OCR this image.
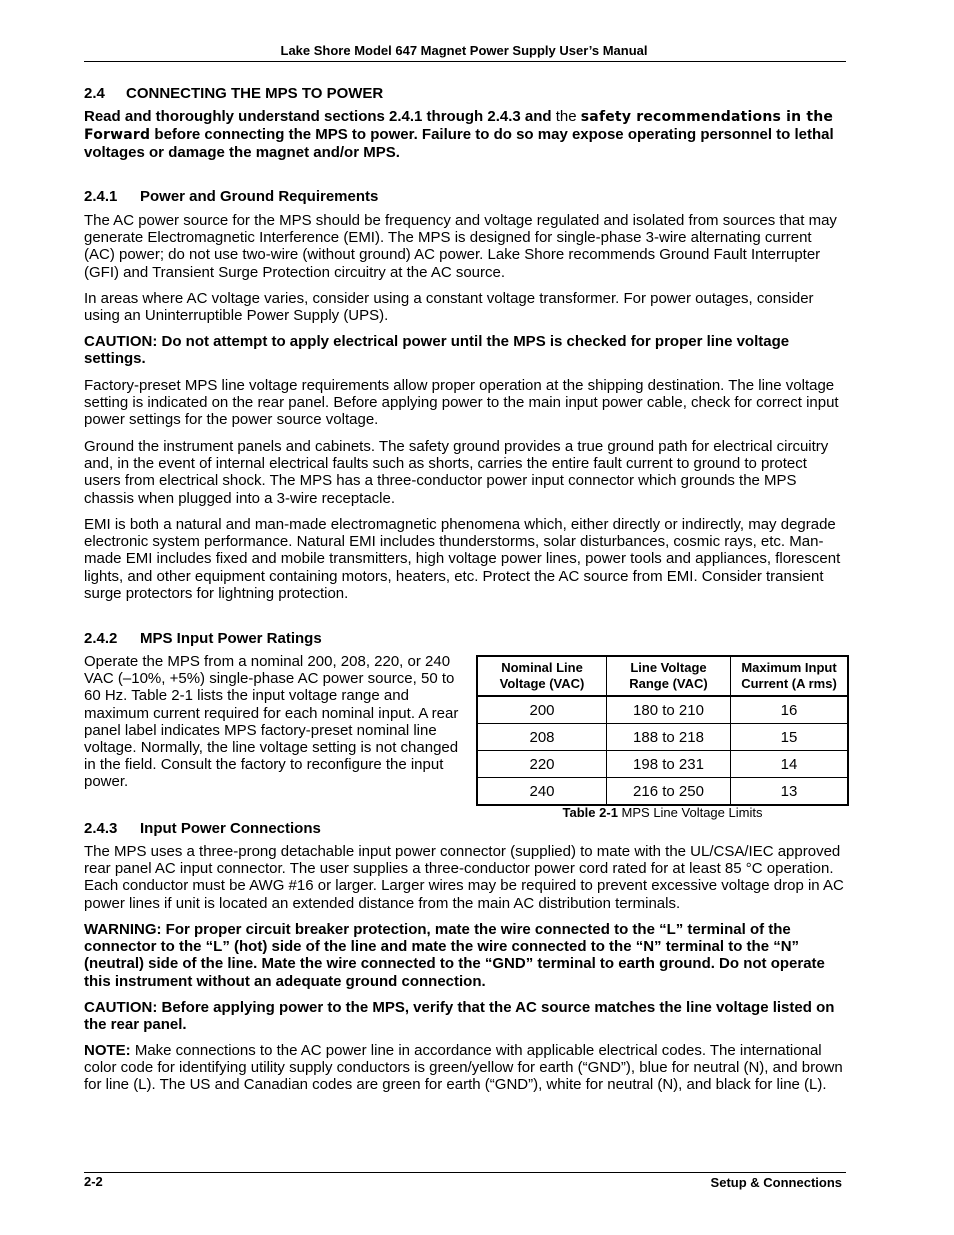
Lake Shore Model 647 Magnet Power Supply User’s Manual
2.4 CONNECTING THE MPS TO POWER

Read and thoroughly understand sections 2.4.1 through 2.4.3 and the safety recommendations in the Forward before connecting the MPS to power. Failure to do so may expose operating personnel to lethal voltages or damage the magnet and/or MPS.

2.4.1 Power and Ground Requirements

The AC power source for the MPS should be frequency and voltage regulated and isolated from sources that may generate Electromagnetic Interference (EMI). The MPS is designed for single-phase 3-wire alternating current (AC) power; do not use two-wire (without ground) AC power. Lake Shore recommends Ground Fault Interrupter (GFI) and Transient Surge Protection circuitry at the AC source.

In areas where AC voltage varies, consider using a constant voltage transformer. For power outages, consider using an Uninterruptible Power Supply (UPS).

CAUTION: Do not attempt to apply electrical power until the MPS is checked for proper line voltage settings.

Factory-preset MPS line voltage requirements allow proper operation at the shipping destination. The line voltage setting is indicated on the rear panel. Before applying power to the main input power cable, check for correct input power settings for the power source voltage.

Ground the instrument panels and cabinets. The safety ground provides a true ground path for electrical circuitry and, in the event of internal electrical faults such as shorts, carries the entire fault current to ground to protect users from electrical shock. The MPS has a three-conductor power input connector which grounds the MPS chassis when plugged into a 3-wire receptacle.

EMI is both a natural and man-made electromagnetic phenomena which, either directly or indirectly, may degrade electronic system performance. Natural EMI includes thunderstorms, solar disturbances, cosmic rays, etc. Man-made EMI includes fixed and mobile transmitters, high voltage power lines, power tools and appliances, florescent lights, and other equipment containing motors, heaters, etc. Protect the AC source from EMI. Consider transient surge protectors for lightning protection.

2.4.2 MPS Input Power Ratings

Operate the MPS from a nominal 200, 208, 220, or 240 VAC (–10%, +5%) single-phase AC power source, 50 to 60 Hz. Table 2-1 lists the input voltage range and maximum current required for each nominal input. A rear panel label indicates MPS factory-preset nominal line voltage. Normally, the line voltage setting is not changed in the field. Consult the factory to reconfigure the input power.

Nominal Line Voltage (VAC)	Line Voltage Range (VAC)	Maximum Input Current (A rms)
200	180 to 210	16
208	188 to 218	15
220	198 to 231	14
240	216 to 250	13
Table 2-1 MPS Line Voltage Limits
2.4.3 Input Power Connections

The MPS uses a three-prong detachable input power connector (supplied) to mate with the UL/CSA/IEC approved rear panel AC input connector. The user supplies a three-conductor power cord rated for at least 85 °C operation. Each conductor must be AWG #16 or larger. Larger wires may be required to prevent excessive voltage drop in AC power lines if unit is located an extended distance from the main AC distribution terminals.

WARNING: For proper circuit breaker protection, mate the wire connected to the “L” terminal of the connector to the “L” (hot) side of the line and mate the wire connected to the “N” terminal to the “N” (neutral) side of the line. Mate the wire connected to the “GND” terminal to earth ground. Do not operate this instrument without an adequate ground connection.

CAUTION: Before applying power to the MPS, verify that the AC source matches the line voltage listed on the rear panel.

NOTE: Make connections to the AC power line in accordance with applicable electrical codes. The international color code for identifying utility supply conductors is green/yellow for earth (“GND”), blue for neutral (N), and brown for line (L). The US and Canadian codes are green for earth (“GND”), white for neutral (N), and black for line (L).

2-2	Setup & Connections
